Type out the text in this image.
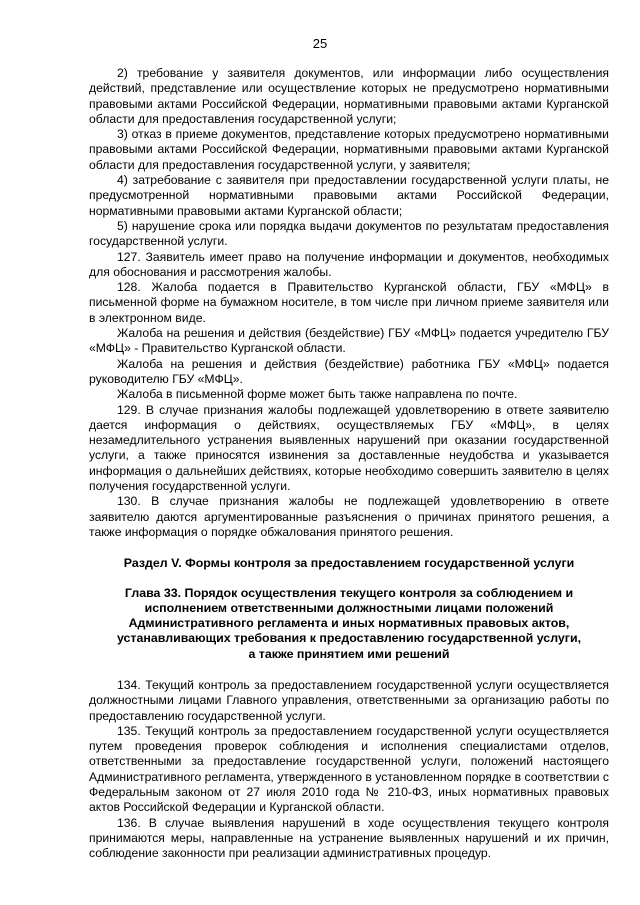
25

2) требование у заявителя документов, или информации либо осуществления действий, представление или осуществление которых не предусмотрено нормативными правовыми актами Российской Федерации, нормативными правовыми актами Курганской области для предоставления государственной услуги;

3) отказ в приеме документов, представление которых предусмотрено нормативными правовыми актами Российской Федерации, нормативными правовыми актами Курганской области для предоставления государственной услуги, у заявителя;

4) затребование с заявителя при предоставлении государственной услуги платы, не предусмотренной нормативными правовыми актами Российской Федерации, нормативными правовыми актами Курганской области;

5) нарушение срока или порядка выдачи документов по результатам предоставления государственной услуги.

127. Заявитель имеет право на получение информации и документов, необходимых для обоснования и рассмотрения жалобы.

128. Жалоба подается в Правительство Курганской области, ГБУ «МФЦ» в письменной форме на бумажном носителе, в том числе при личном приеме заявителя или в электронном виде.

Жалоба на решения и действия (бездействие) ГБУ «МФЦ» подается учредителю ГБУ «МФЦ» - Правительство Курганской области.

Жалоба на решения и действия (бездействие) работника ГБУ «МФЦ» подается руководителю ГБУ «МФЦ».

Жалоба в письменной форме может быть также направлена по почте.

129. В случае признания жалобы подлежащей удовлетворению в ответе заявителю дается информация о действиях, осуществляемых ГБУ «МФЦ», в целях незамедлительного устранения выявленных нарушений при оказании государственной услуги, а также приносятся извинения за доставленные неудобства и указывается информация о дальнейших действиях, которые необходимо совершить заявителю в целях получения государственной услуги.

130. В случае признания жалобы не подлежащей удовлетворению в ответе заявителю даются аргументированные разъяснения о причинах принятого решения, а также информация о порядке обжалования принятого решения.

Раздел V. Формы контроля за предоставлением государственной услуги

Глава 33. Порядок осуществления текущего контроля за соблюдением и
исполнением ответственными должностными лицами положений
Административного регламента и иных нормативных правовых актов,
устанавливающих требования к предоставлению государственной услуги,
а также принятием ими решений

134. Текущий контроль за предоставлением государственной услуги осуществляется должностными лицами Главного управления, ответственными за организацию работы по предоставлению государственной услуги.

135. Текущий контроль за предоставлением государственной услуги осуществляется путем проведения проверок соблюдения и исполнения специалистами отделов, ответственными за предоставление государственной услуги, положений настоящего Административного регламента, утвержденного в установленном порядке в соответствии с Федеральным законом от 27 июля 2010 года № 210-ФЗ, иных нормативных правовых актов Российской Федерации и Курганской области.

136. В случае выявления нарушений в ходе осуществления текущего контроля принимаются меры, направленные на устранение выявленных нарушений и их причин, соблюдение законности при реализации административных процедур.
